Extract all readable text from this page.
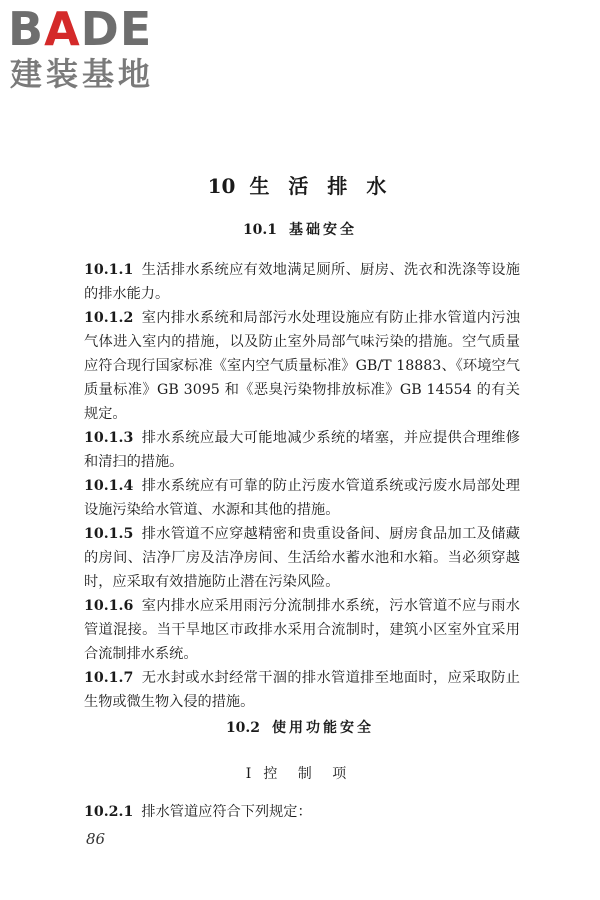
BADE
建装基地
10 生 活 排 水
10.1 基础安全

10.1.1 生活排水系统应有效地满足厕所、厨房、洗衣和洗涤等设施的排水能力。

10.1.2 室内排水系统和局部污水处理设施应有防止排水管道内污浊气体进入室内的措施，以及防止室外局部气味污染的措施。空气质量应符合现行国家标准《室内空气质量标准》GB/T 18883、《环境空气质量标准》GB 3095 和《恶臭污染物排放标准》GB 14554 的有关规定。

10.1.3 排水系统应最大可能地减少系统的堵塞，并应提供合理维修和清扫的措施。

10.1.4 排水系统应有可靠的防止污废水管道系统或污废水局部处理设施污染给水管道、水源和其他的措施。

10.1.5 排水管道不应穿越精密和贵重设备间、厨房食品加工及储藏的房间、洁净厂房及洁净房间、生活给水蓄水池和水箱。当必须穿越时，应采取有效措施防止潜在污染风险。

10.1.6 室内排水应采用雨污分流制排水系统，污水管道不应与雨水管道混接。当干旱地区市政排水采用合流制时，建筑小区室外宜采用合流制排水系统。

10.1.7 无水封或水封经常干涸的排水管道排至地面时，应采取防止生物或微生物入侵的措施。

10.2 使用功能安全
Ⅰ 控 制 项
10.2.1 排水管道应符合下列规定：
86
